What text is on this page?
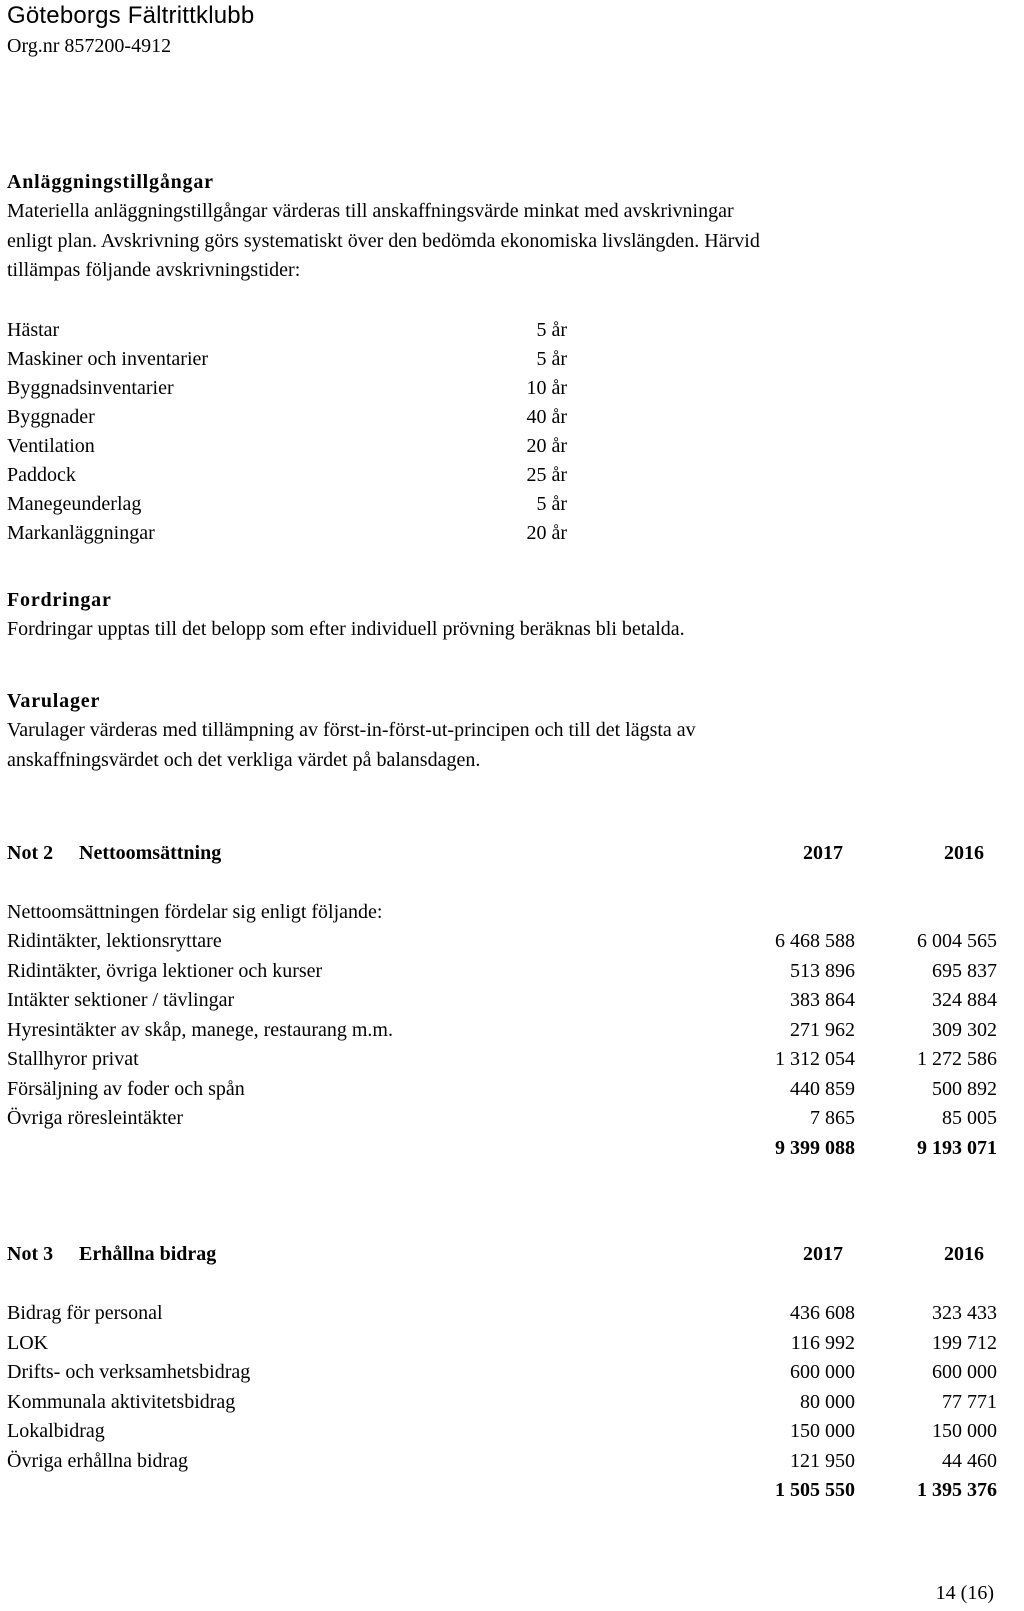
Göteborgs Fältrittklubb
Org.nr 857200-4912
Anläggningstillgångar
Materiella anläggningstillgångar värderas till anskaffningsvärde minkat med avskrivningar enligt plan. Avskrivning görs systematiskt över den bedömda ekonomiska livslängden. Härvid tillämpas följande avskrivningstider:
Hästar	5 år
Maskiner och inventarier	5 år
Byggnadsinventarier	10 år
Byggnader	40 år
Ventilation	20 år
Paddock	25 år
Manegeunderlag	5 år
Markanläggningar	20 år
Fordringar
Fordringar upptas till det belopp som efter individuell prövning beräknas bli betalda.
Varulager
Varulager värderas med tillämpning av först-in-först-ut-principen och till det lägsta av anskaffningsvärdet och det verkliga värdet på balansdagen.
Not 2 Nettoomsättning	2017	2016
Nettoomsättningen fördelar sig enligt följande:
Ridintäkter, lektionsryttare	6 468 588	6 004 565
Ridintäkter, övriga lektioner och kurser	513 896	695 837
Intäkter sektioner / tävlingar	383 864	324 884
Hyresintäkter av skåp, manege, restaurang m.m.	271 962	309 302
Stallhyror privat	1 312 054	1 272 586
Försäljning av foder och spån	440 859	500 892
Övriga röresleintäkter	7 865	85 005
	9 399 088	9 193 071
Not 3 Erhållna bidrag	2017	2016
Bidrag för personal	436 608	323 433
LOK	116 992	199 712
Drifts- och verksamhetsbidrag	600 000	600 000
Kommunala aktivitetsbidrag	80 000	77 771
Lokalbidrag	150 000	150 000
Övriga erhållna bidrag	121 950	44 460
	1 505 550	1 395 376
14 (16)
